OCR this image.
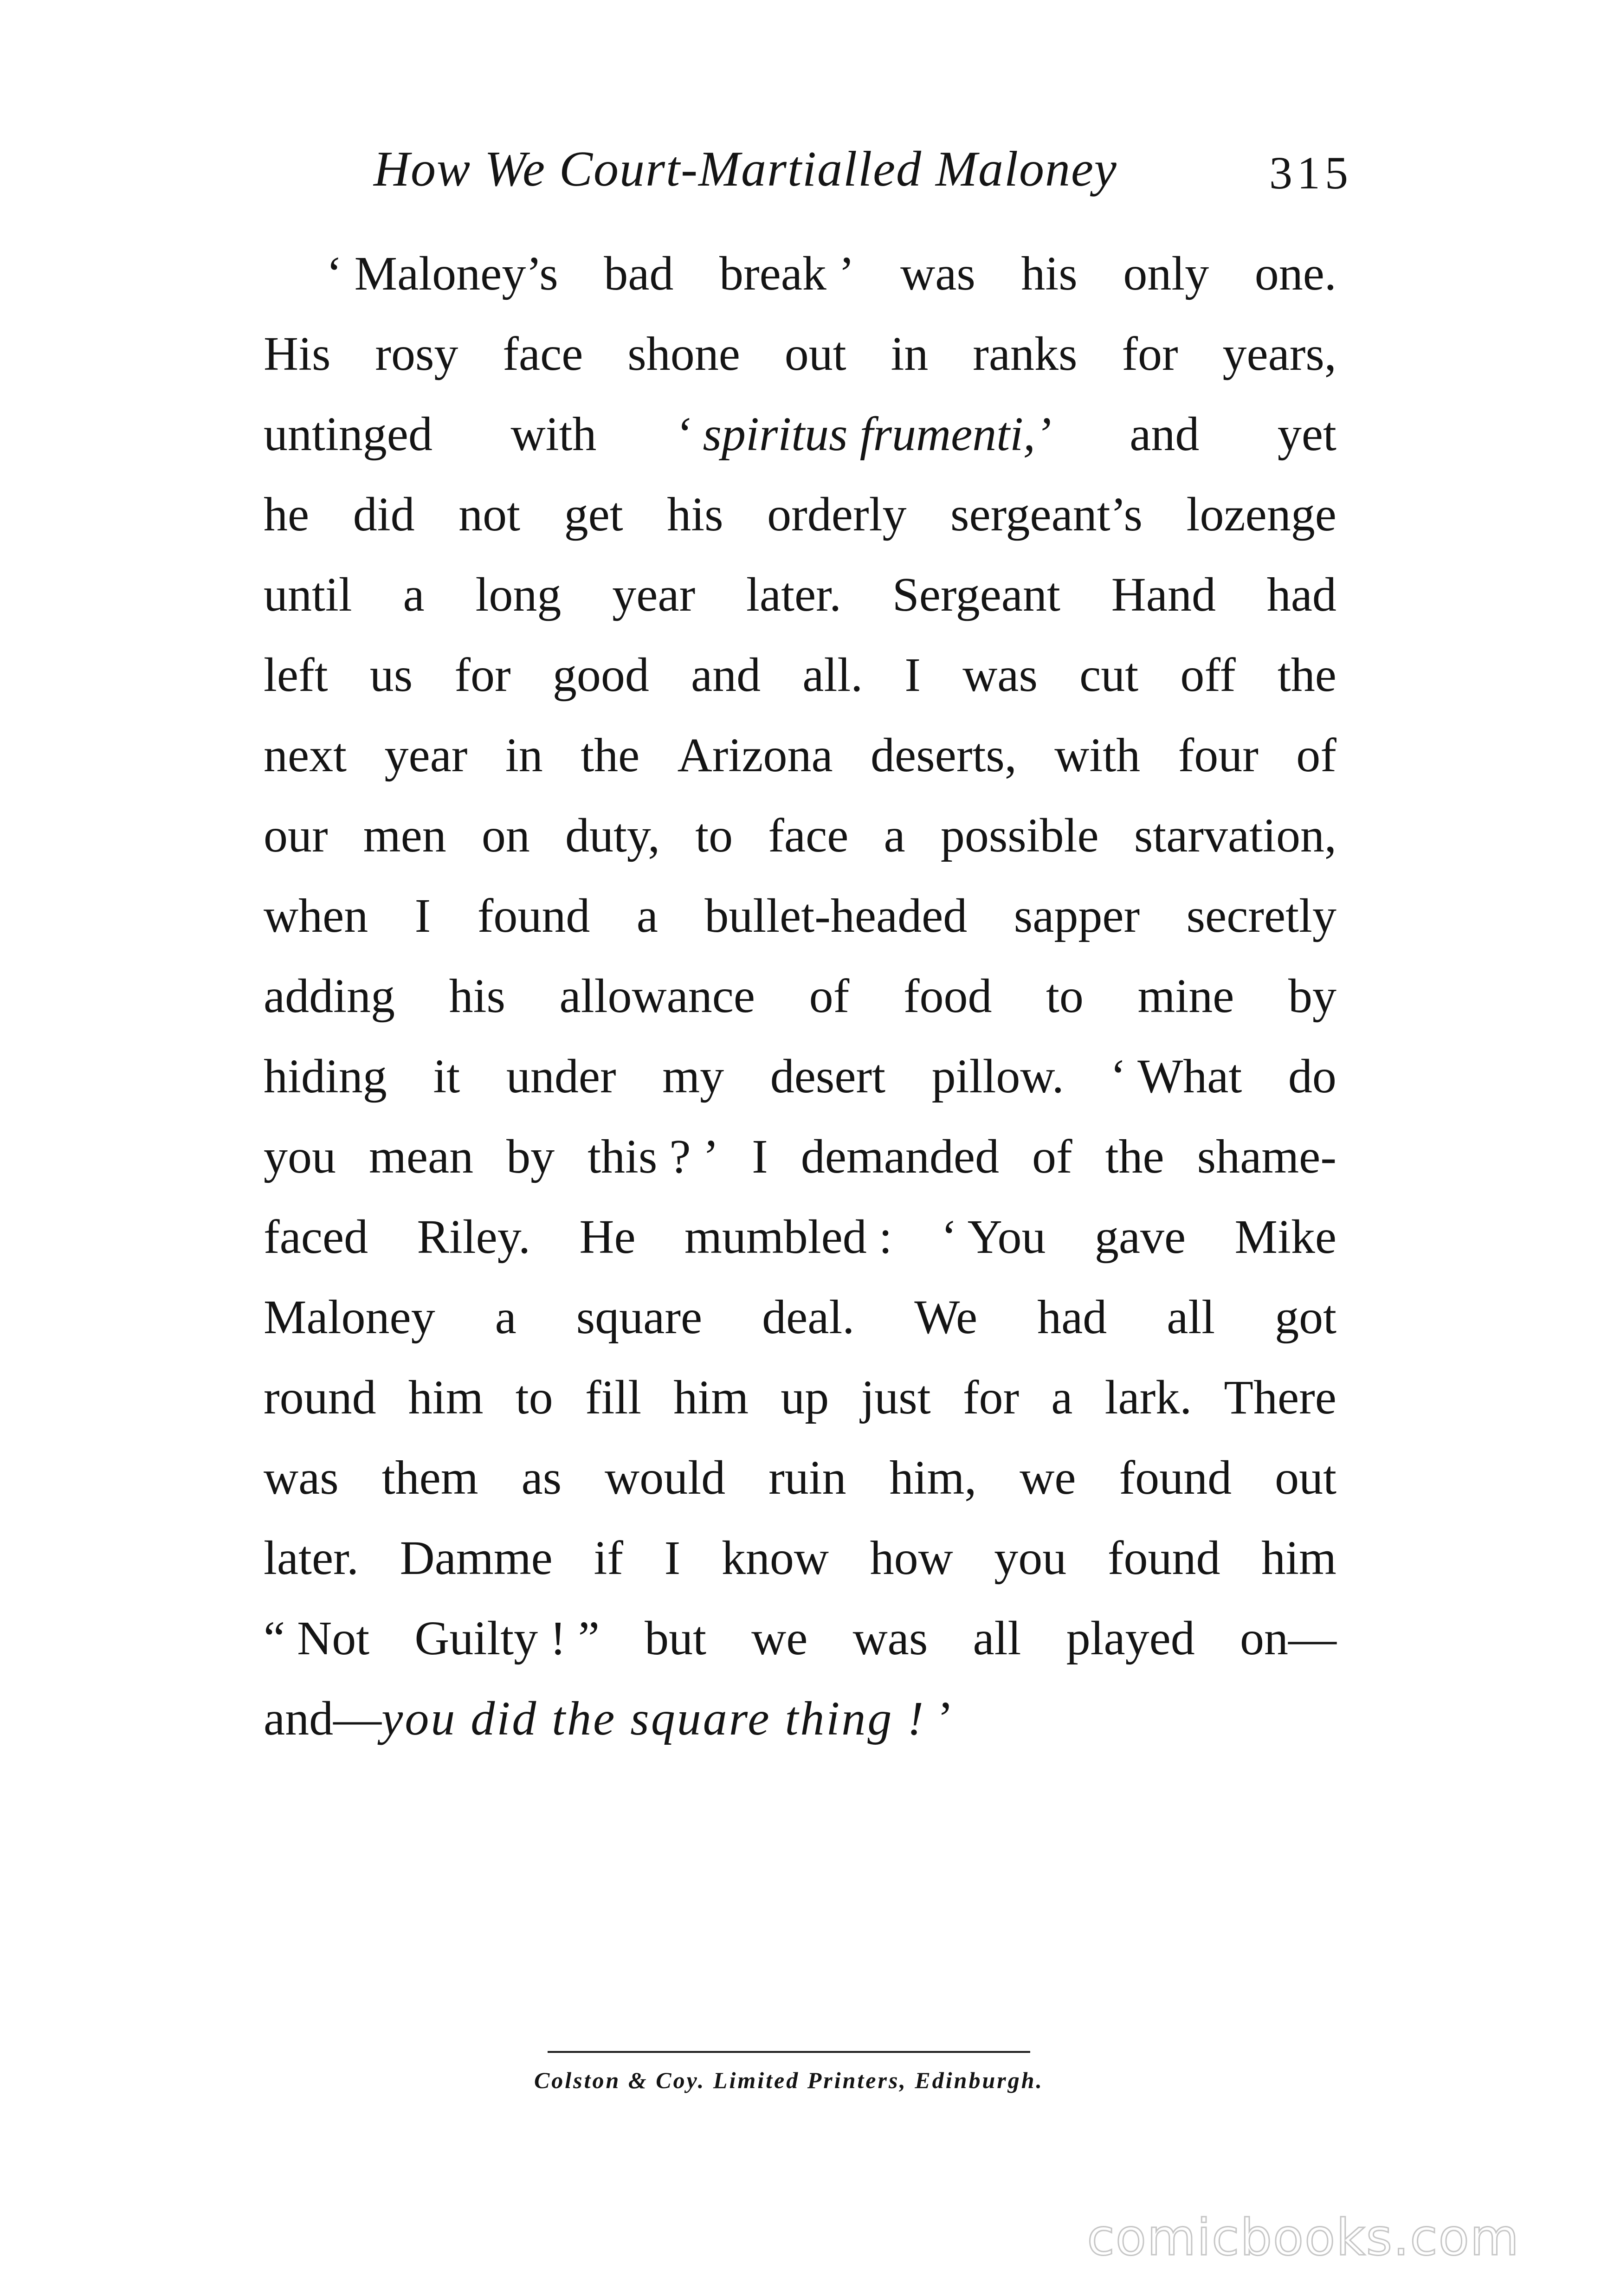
How We Court-Martialled Maloney	315
‘ Maloney’s bad break ’ was his only one.
His rosy face shone out in ranks for years,
untinged with ‘ spiritus frumenti,’ and yet
he did not get his orderly sergeant’s lozenge
until a long year later. Sergeant Hand had
left us for good and all. I was cut off the
next year in the Arizona deserts, with four of
our men on duty, to face a possible starvation,
when I found a bullet-headed sapper secretly
adding his allowance of food to mine by
hiding it under my desert pillow. ‘ What do
you mean by this ? ’ I demanded of the shame-
faced Riley. He mumbled : ‘ You gave Mike
Maloney a square deal. We had all got
round him to fill him up just for a lark. There
was them as would ruin him, we found out
later. Damme if I know how you found him
“ Not Guilty ! ” but we was all played on—
and— you did the square thing ! ’
Colston & Coy. Limited Printers, Edinburgh.
comicbooks.com
